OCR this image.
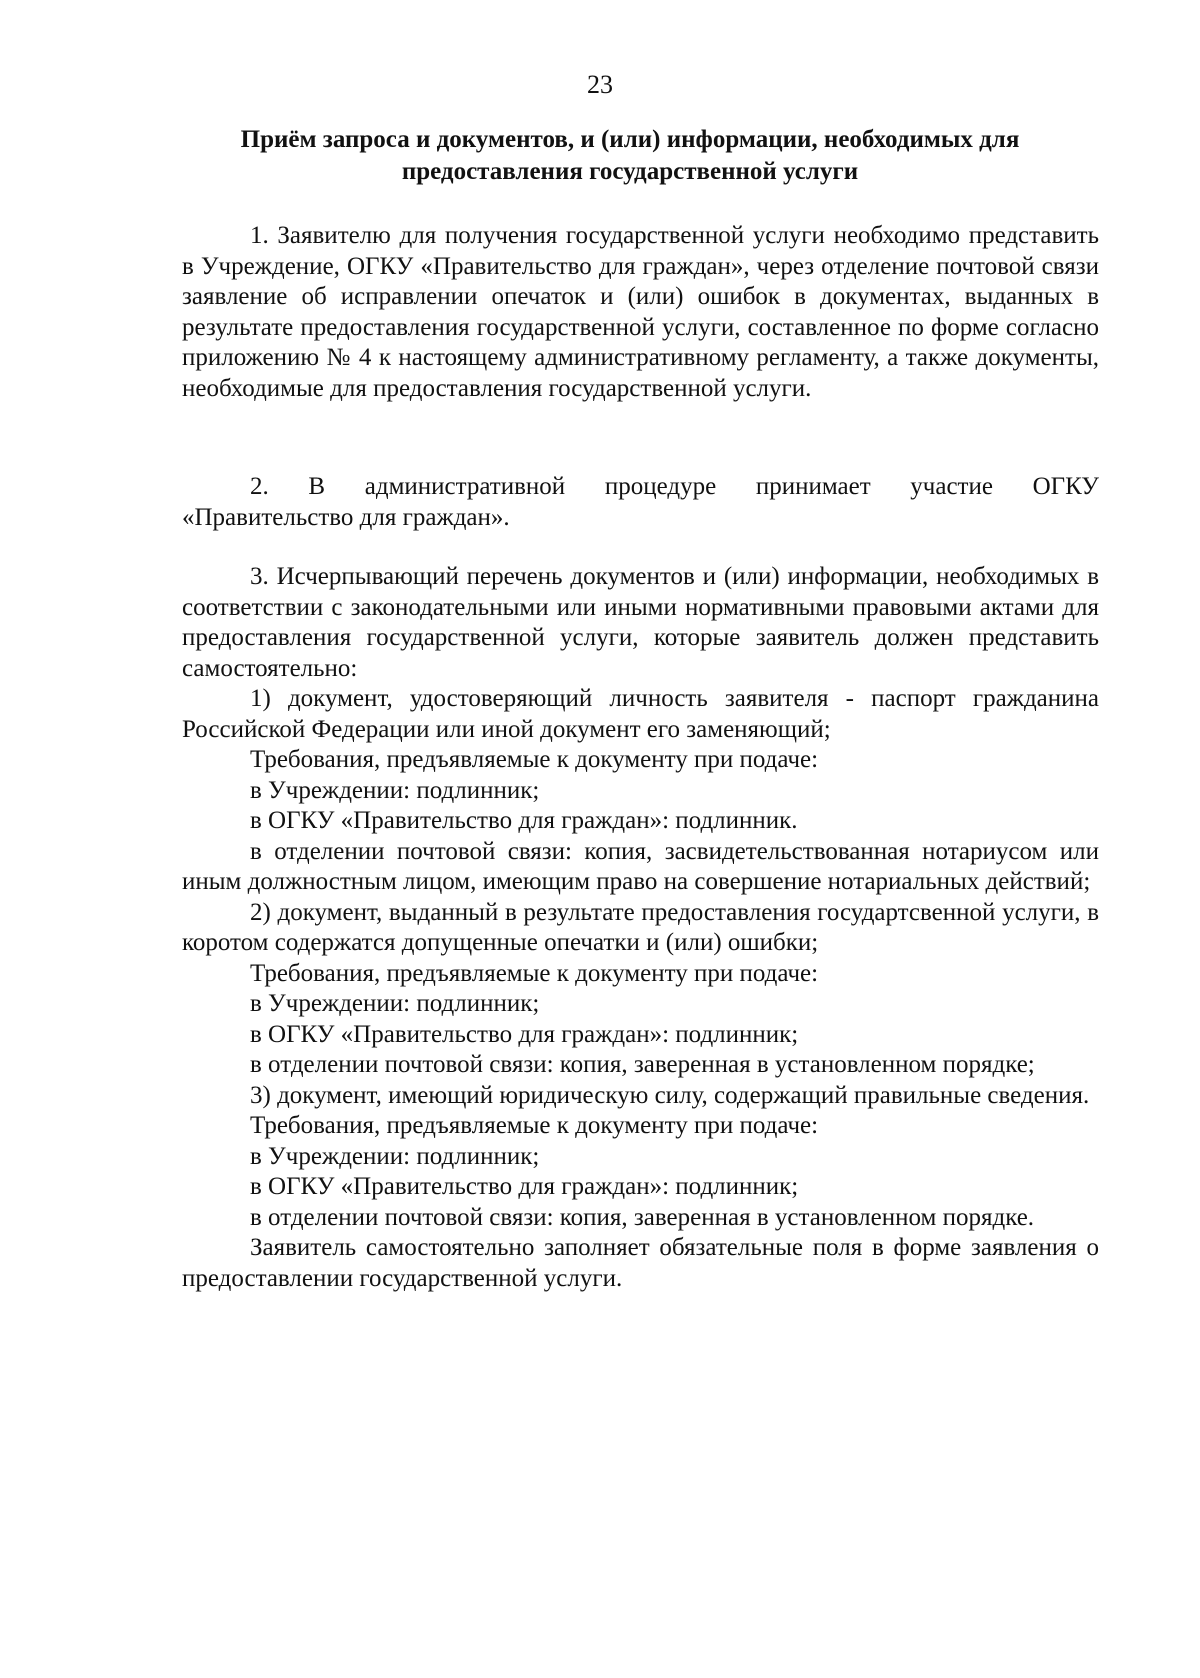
23
Приём запроса и документов, и (или) информации, необходимых для
предоставления государственной услуги

1. Заявителю для получения государственной услуги необходимо представить в Учреждение, ОГКУ «Правительство для граждан», через отделение почтовой связи заявление об исправлении опечаток и (или) ошибок в документах, выданных в результате предоставления государственной услуги, составленное по форме согласно приложению № 4 к настоящему административному регламенту, а также документы, необходимые для предоставления государственной услуги.

2. В административной процедуре принимает участие ОГКУ

«Правительство для граждан».

3. Исчерпывающий перечень документов и (или) информации, необходимых в соответствии с законодательными или иными нормативными правовыми актами для предоставления государственной услуги, которые заявитель должен представить самостоятельно:

1) документ, удостоверяющий личность заявителя - паспорт гражданина Российской Федерации или иной документ его заменяющий;

Требования, предъявляемые к документу при подаче:

в Учреждении: подлинник;

в ОГКУ «Правительство для граждан»: подлинник.

в отделении почтовой связи: копия, засвидетельствованная нотариусом или иным должностным лицом, имеющим право на совершение нотариальных действий;

2) документ, выданный в результате предоставления государтсвенной услуги, в коротом содержатся допущенные опечатки и (или) ошибки;

Требования, предъявляемые к документу при подаче:

в Учреждении: подлинник;

в ОГКУ «Правительство для граждан»: подлинник;

в отделении почтовой связи: копия, заверенная в установленном порядке;

3) документ, имеющий юридическую силу, содержащий правильные сведения.

Требования, предъявляемые к документу при подаче:

в Учреждении: подлинник;

в ОГКУ «Правительство для граждан»: подлинник;

в отделении почтовой связи: копия, заверенная в установленном порядке.

Заявитель самостоятельно заполняет обязательные поля в форме заявления о предоставлении государственной услуги.
